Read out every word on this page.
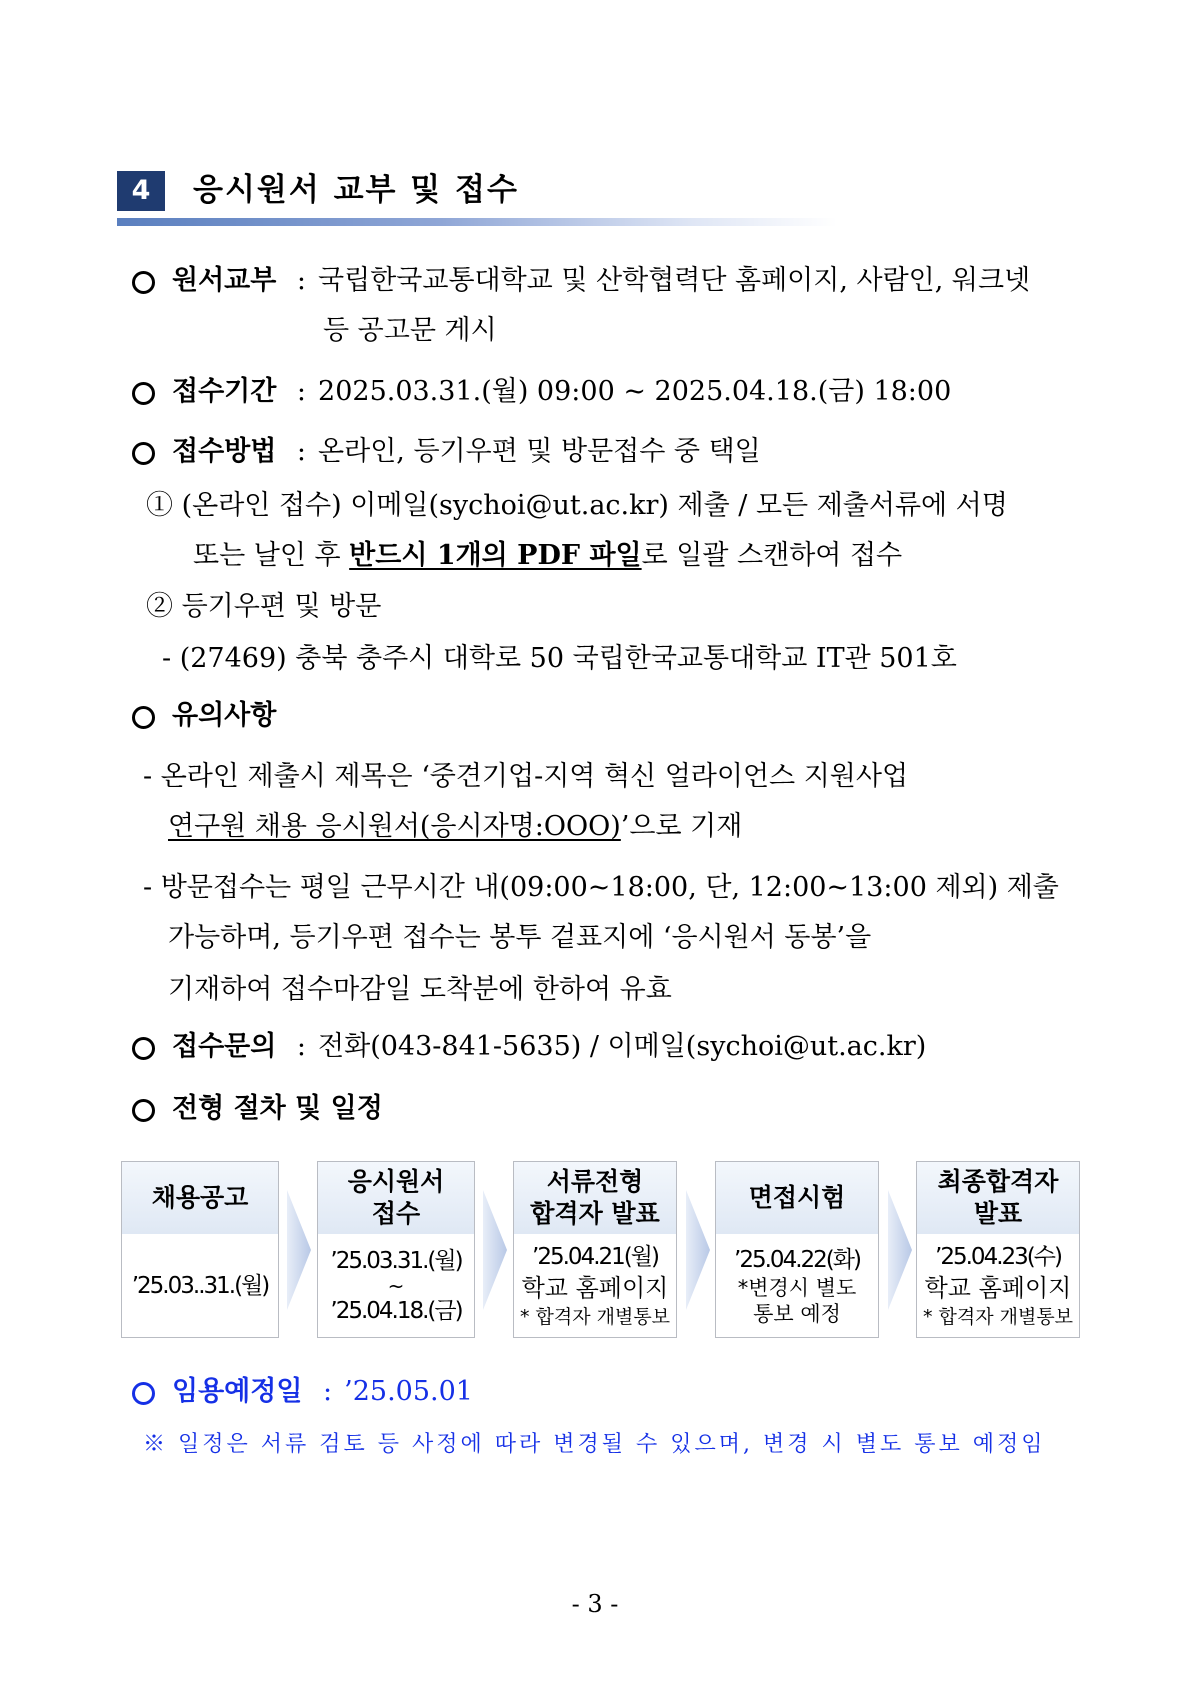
4	응시원서 교부 및 접수
원서교부 : 국립한국교통대학교 및 산학협력단 홈페이지, 사람인, 워크넷
등 공고문 게시
접수기간 : 2025.03.31.(월) 09:00 ~ 2025.04.18.(금) 18:00
접수방법 : 온라인, 등기우편 및 방문접수 중 택일
① (온라인 접수) 이메일(sychoi@ut.ac.kr) 제출 / 모든 제출서류에 서명
또는 날인 후 반드시 1개의 PDF 파일로 일괄 스캔하여 접수
② 등기우편 및 방문
- (27469) 충북 충주시 대학로 50 국립한국교통대학교 IT관 501호
유의사항
- 온라인 제출시 제목은 ‘중견기업-지역 혁신 얼라이언스 지원사업
연구원 채용 응시원서(응시자명:OOO)’으로 기재
- 방문접수는 평일 근무시간 내(09:00~18:00, 단, 12:00~13:00 제외) 제출
가능하며, 등기우편 접수는 봉투 겉표지에 ‘응시원서 동봉’을
기재하여 접수마감일 도착분에 한하여 유효
접수문의 : 전화(043-841-5635) / 이메일(sychoi@ut.ac.kr)
전형 절차 및 일정
채용공고
’25.03..31.(월)
응시원서
접수
’25.03.31.(월)
~
’25.04.18.(금)
서류전형
합격자 발표
’25.04.21(월)
학교 홈페이지
* 합격자 개별통보
면접시험
’25.04.22(화)
*변경시 별도
통보 예정
최종합격자
발표
’25.04.23(수)
학교 홈페이지
* 합격자 개별통보
임용예정일 : ’25.05.01
※ 일정은 서류 검토 등 사정에 따라 변경될 수 있으며, 변경 시 별도 통보 예정임
- 3 -
